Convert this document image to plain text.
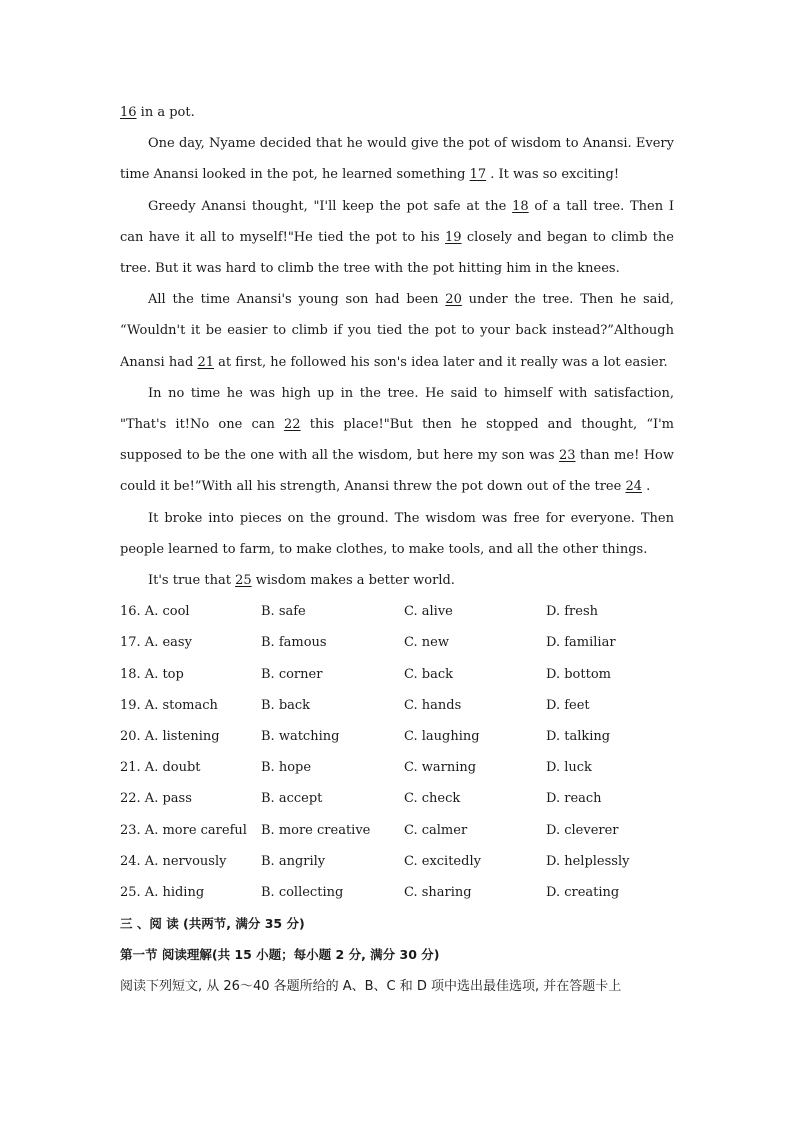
16 in a pot.

One day, Nyame decided that he would give the pot of wisdom to Anansi. Every time Anansi looked in the pot, he learned something 17 . It was so exciting!

Greedy Anansi thought, "I'll keep the pot safe at the 18 of a tall tree. Then I can have it all to myself!"He tied the pot to his 19 closely and began to climb the tree. But it was hard to climb the tree with the pot hitting him in the knees.

All the time Anansi's young son had been 20 under the tree. Then he said, “Wouldn't it be easier to climb if you tied the pot to your back instead?”Although Anansi had 21 at first, he followed his son's idea later and it really was a lot easier.

In no time he was high up in the tree. He said to himself with satisfaction, "That's it!No one can 22 this place!"But then he stopped and thought, “I'm supposed to be the one with all the wisdom, but here my son was 23 than me! How could it be!”With all his strength, Anansi threw the pot down out of the tree 24 .

It broke into pieces on the ground. The wisdom was free for everyone. Then people learned to farm, to make clothes, to make tools, and all the other things.

It's true that 25 wisdom makes a better world.

16. A. cool	B. safe	C. alive	D. fresh
17. A. easy	B. famous	C. new	D. familiar
18. A. top	B. corner	C. back	D. bottom
19. A. stomach	B. back	C. hands	D. feet
20. A. listening	B. watching	C. laughing	D. talking
21. A. doubt	B. hope	C. warning	D. luck
22. A. pass	B. accept	C. check	D. reach
23. A. more careful B. more creative	C. calmer	D. cleverer
24. A. nervously	B. angrily	C. excitedly	D. helplessly
25. A. hiding	B. collecting	C. sharing	D. creating

三 、阅 读 (共两节, 满分 35 分)

第一节 阅读理解(共 15 小题；每小题 2 分, 满分 30 分)

阅读下列短文, 从 26～40 各题所给的 A、B、C 和 D 项中选出最佳选项, 并在答题卡上
